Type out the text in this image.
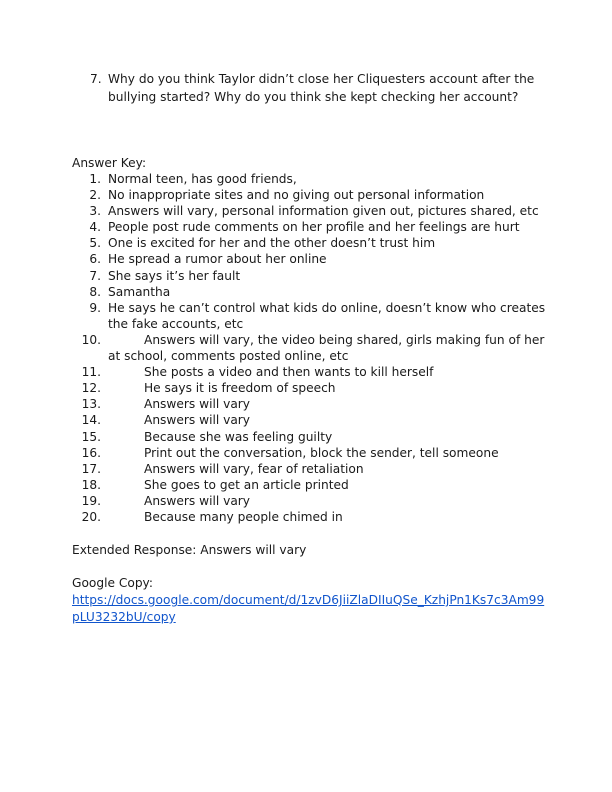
7. Why do you think Taylor didn’t close her Cliquesters account after the bullying started? Why do you think she kept checking her account?
Answer Key:
1. Normal teen, has good friends,
2. No inappropriate sites and no giving out personal information
3. Answers will vary, personal information given out, pictures shared, etc
4. People post rude comments on her profile and her feelings are hurt
5. One is excited for her and the other doesn’t trust him
6. He spread a rumor about her online
7. She says it’s her fault
8. Samantha
9. He says he can’t control what kids do online, doesn’t know who creates the fake accounts, etc
10.	Answers will vary, the video being shared, girls making fun of her at school, comments posted online, etc
11.	She posts a video and then wants to kill herself
12.	He says it is freedom of speech
13.	Answers will vary
14.	Answers will vary
15.	Because she was feeling guilty
16.	Print out the conversation, block the sender, tell someone
17.	Answers will vary, fear of retaliation
18.	She goes to get an article printed
19.	Answers will vary
20.	Because many people chimed in
Extended Response: Answers will vary
Google Copy:
https://docs.google.com/document/d/1zvD6JiiZlaDIIuQSe_KzhjPn1Ks7c3Am99pLU3232bU/copy
